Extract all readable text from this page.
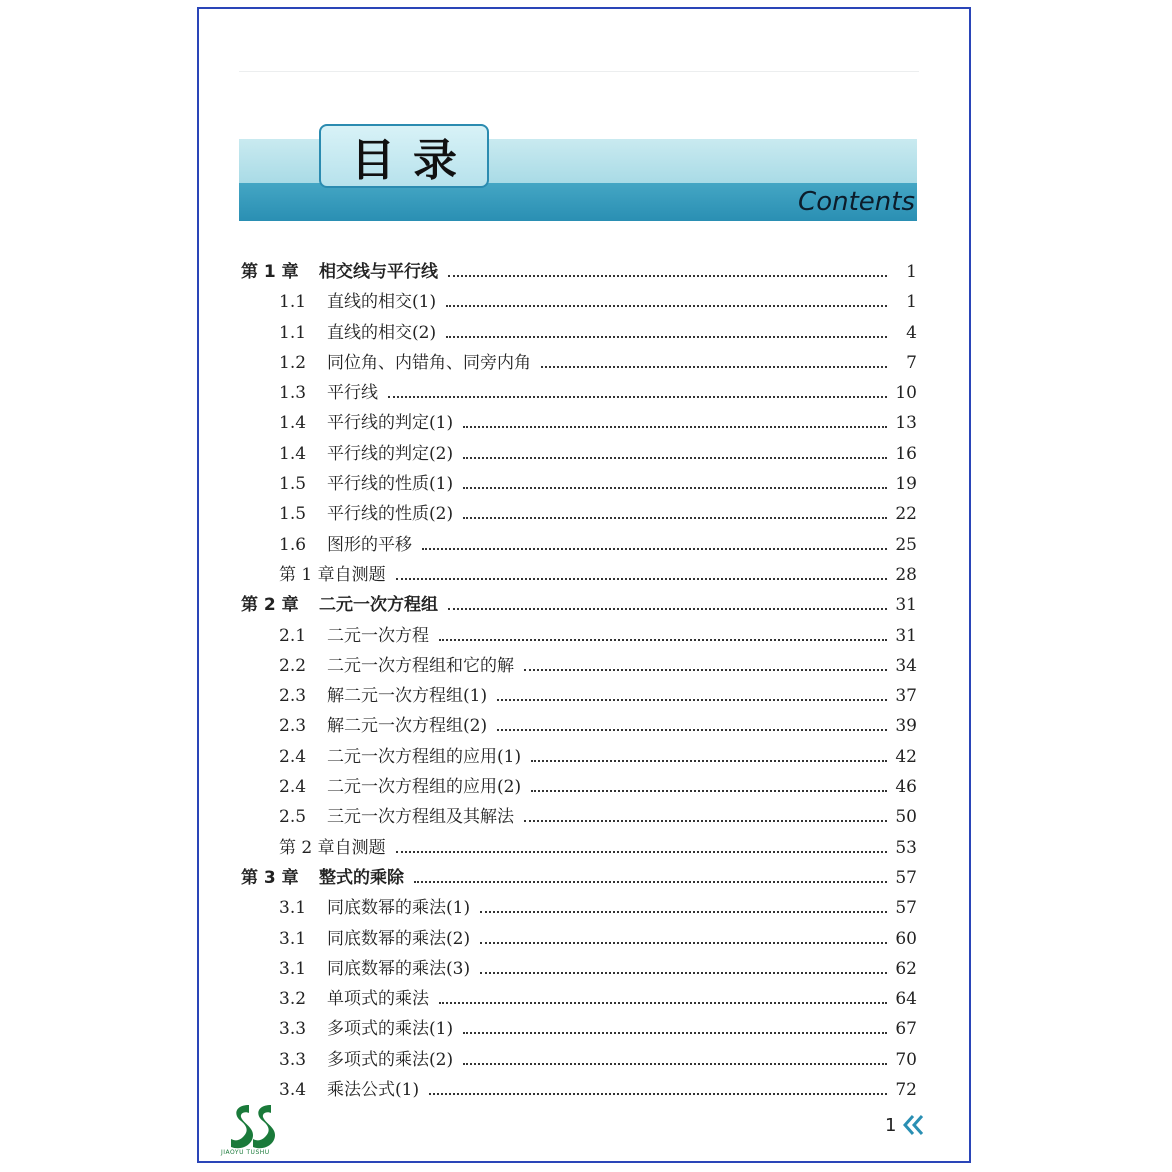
目录
Contents
第 1 章	相交线与平行线	1
1.1	直线的相交(1)	1
1.1	直线的相交(2)	4
1.2	同位角、内错角、同旁内角	7
1.3	平行线	10
1.4	平行线的判定(1)	13
1.4	平行线的判定(2)	16
1.5	平行线的性质(1)	19
1.5	平行线的性质(2)	22
1.6	图形的平移	25
第 1 章自测题	28
第 2 章	二元一次方程组	31
2.1	二元一次方程	31
2.2	二元一次方程组和它的解	34
2.3	解二元一次方程组(1)	37
2.3	解二元一次方程组(2)	39
2.4	二元一次方程组的应用(1)	42
2.4	二元一次方程组的应用(2)	46
2.5	三元一次方程组及其解法	50
第 2 章自测题	53
第 3 章	整式的乘除	57
3.1	同底数幂的乘法(1)	57
3.1	同底数幂的乘法(2)	60
3.1	同底数幂的乘法(3)	62
3.2	单项式的乘法	64
3.3	多项式的乘法(1)	67
3.3	多项式的乘法(2)	70
3.4	乘法公式(1)	72
JIAOYU TUSHU
1
